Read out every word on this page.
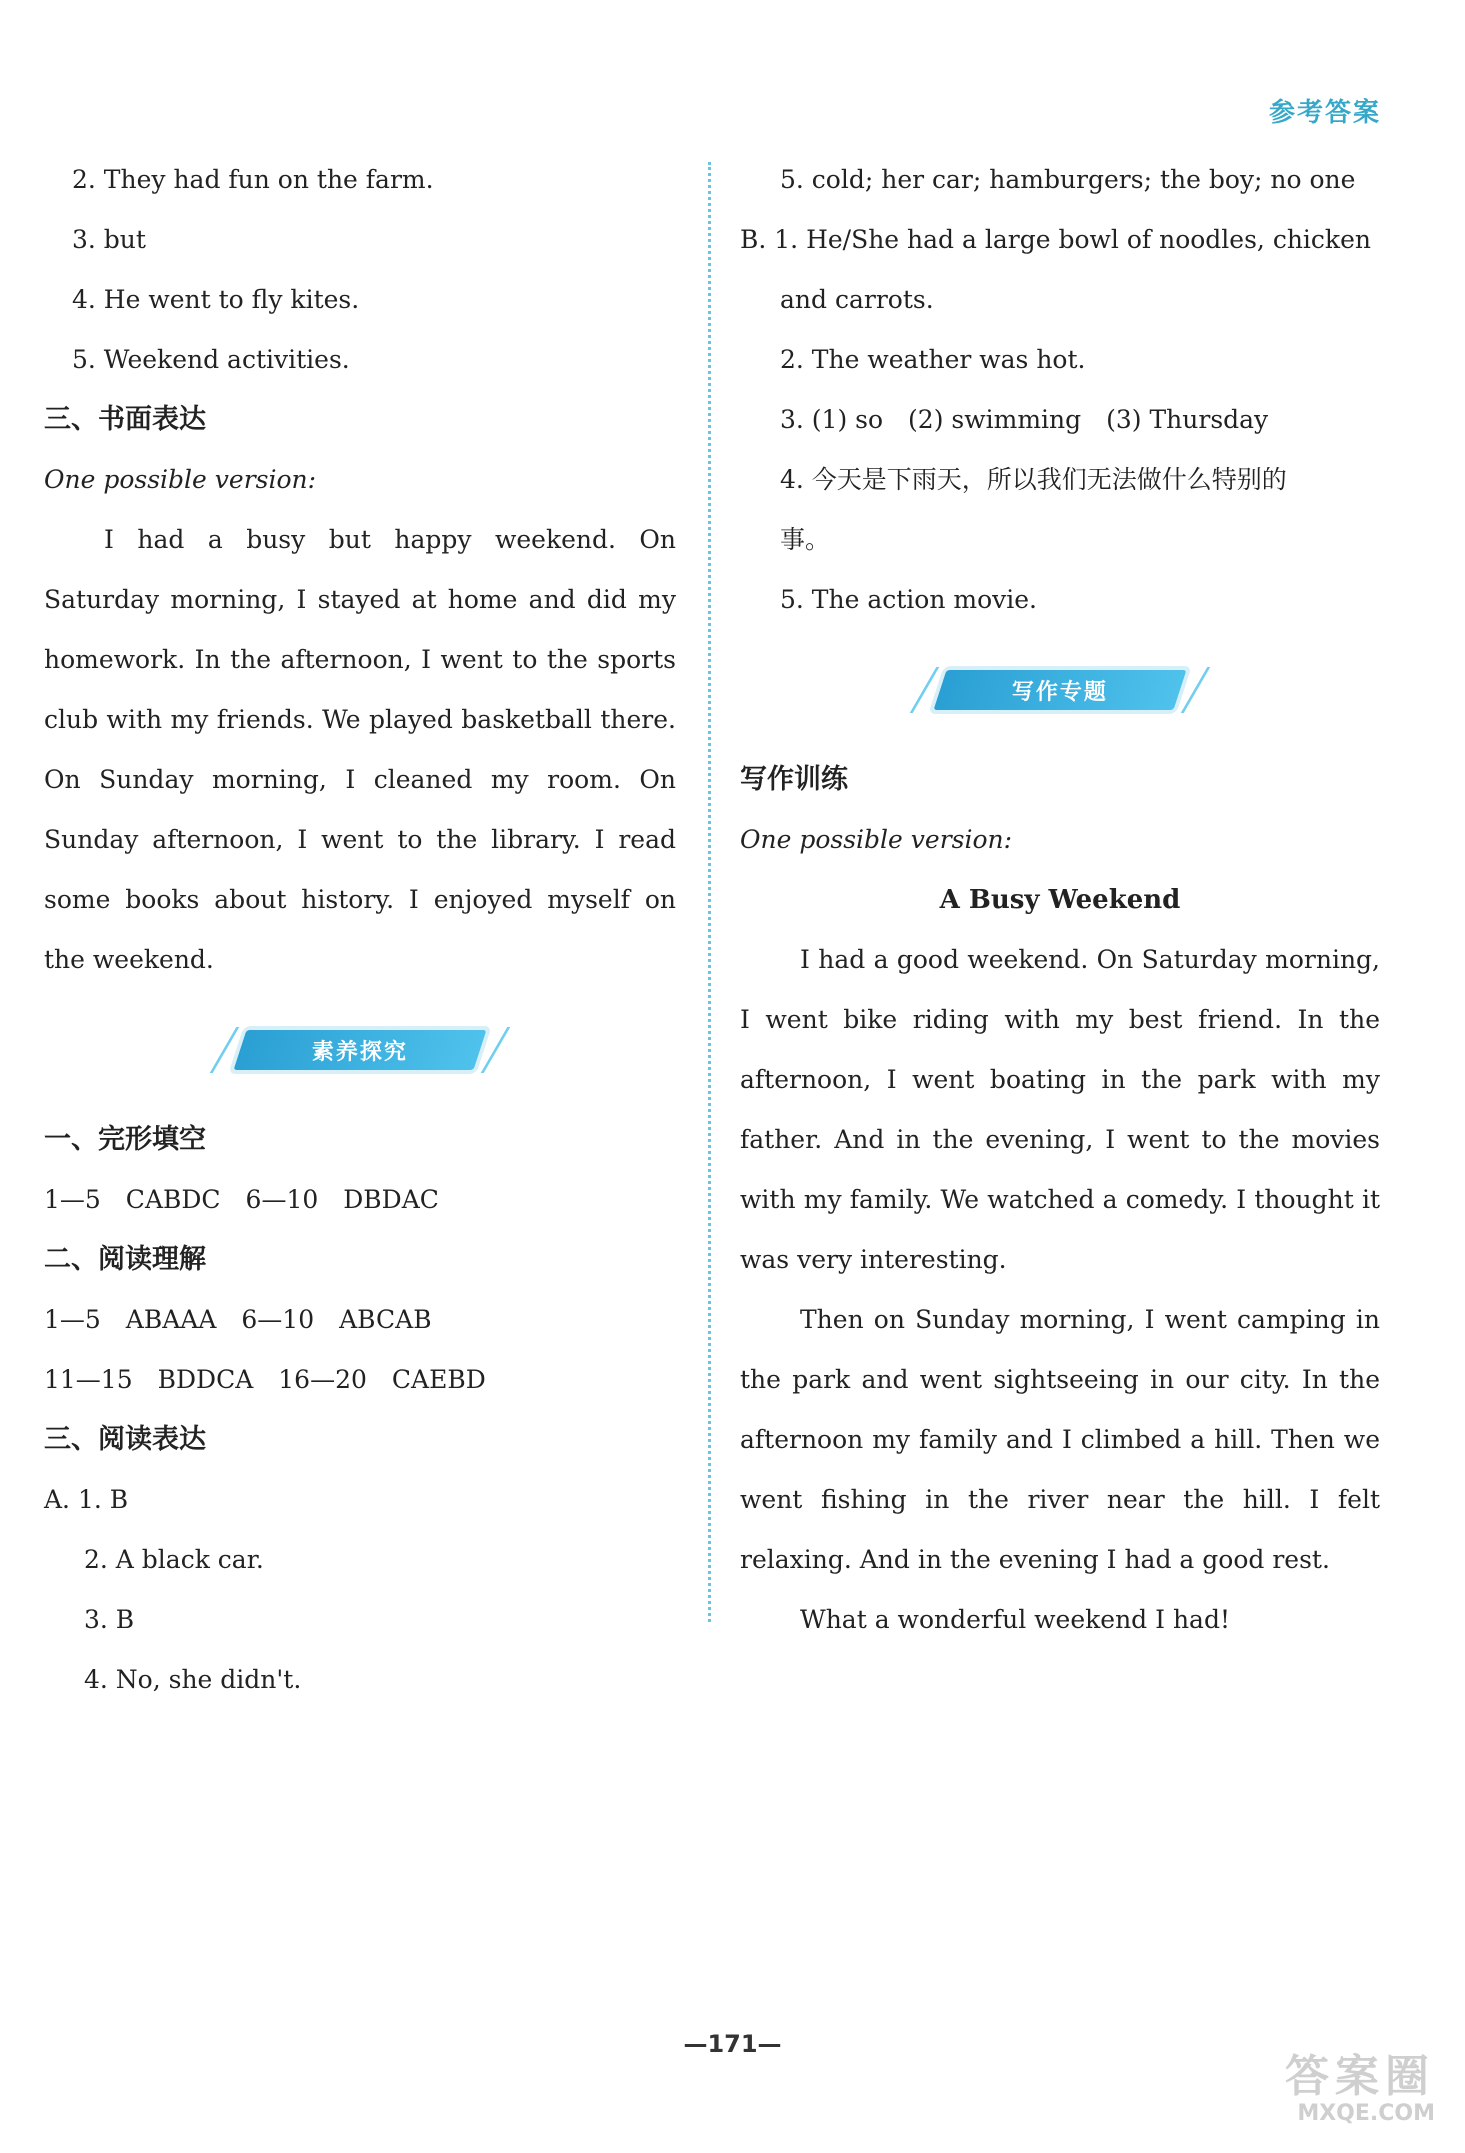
参考答案
2. They had fun on the farm.
3. but
4. He went to fly kites.
5. Weekend activities.
三、书面表达
One possible version:

I had a busy but happy weekend. On Saturday morning, I stayed at home and did my homework. In the afternoon, I went to the sports club with my friends. We played basketball there. On Sunday morning, I cleaned my room. On Sunday afternoon, I went to the library. I read some books about history. I enjoyed myself on the weekend.

素养探究
一、完形填空
1—5　CABDC　6—10　DBDAC
二、阅读理解
1—5　ABAAA　6—10　ABCAB
11—15　BDDCA　16—20　CAEBD
三、阅读表达
A. 1. B
2. A black car.
3. B
4. No, she didn't.
5. cold; her car; hamburgers; the boy; no one
B. 1. He/She had a large bowl of noodles, chicken
and carrots.
2. The weather was hot.
3. (1) so　(2) swimming　(3) Thursday
4. 今天是下雨天，所以我们无法做什么特别的
事。
5. The action movie.
写作专题
写作训练
One possible version:
A Busy Weekend

I had a good weekend. On Saturday morning, I went bike riding with my best friend. In the afternoon, I went boating in the park with my father. And in the evening, I went to the movies with my family. We watched a comedy. I thought it was very interesting.

Then on Sunday morning, I went camping in the park and went sightseeing in our city. In the afternoon my family and I climbed a hill. Then we went fishing in the river near the hill. I felt relaxing. And in the evening I had a good rest.

What a wonderful weekend I had!

—171—
答案圈
MXQE.COM
